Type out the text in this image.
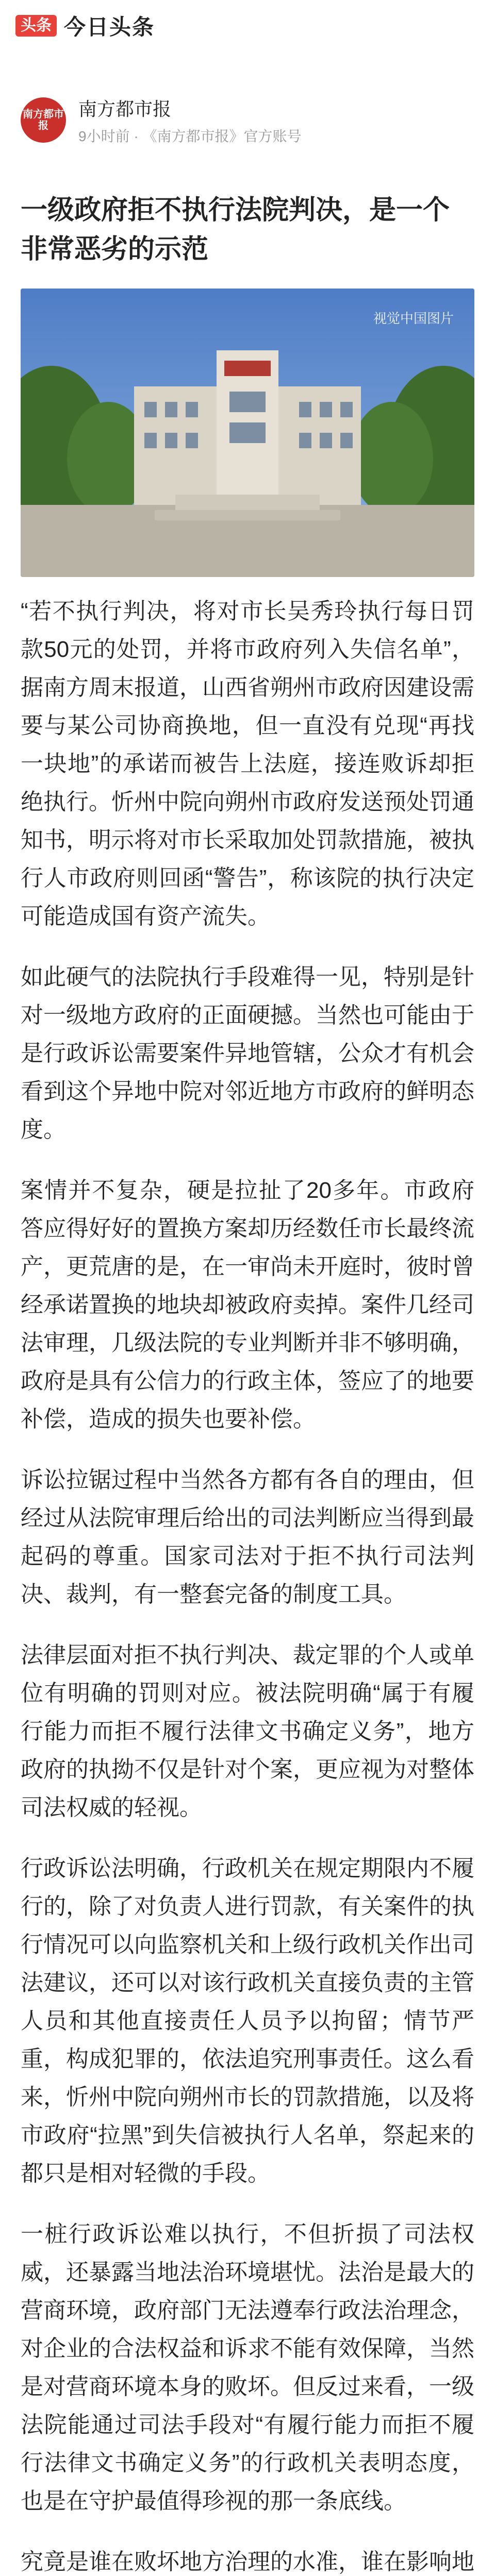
头条 今日头条
南方都市报
南方都市报
9小时前 · 《南方都市报》官方账号
一级政府拒不执行法院判决，是一个非常恶劣的示范
视觉中国图片

“若不执行判决，将对市长吴秀玲执行每日罚款50元的处罚，并将市政府列入失信名单”，据南方周末报道，山西省朔州市政府因建设需要与某公司协商换地，但一直没有兑现“再找一块地”的承诺而被告上法庭，接连败诉却拒绝执行。忻州中院向朔州市政府发送预处罚通知书，明示将对市长采取加处罚款措施，被执行人市政府则回函“警告”，称该院的执行决定可能造成国有资产流失。

如此硬气的法院执行手段难得一见，特别是针对一级地方政府的正面硬撼。当然也可能由于是行政诉讼需要案件异地管辖，公众才有机会看到这个异地中院对邻近地方市政府的鲜明态度。

案情并不复杂，硬是拉扯了20多年。市政府答应得好好的置换方案却历经数任市长最终流产，更荒唐的是，在一审尚未开庭时，彼时曾经承诺置换的地块却被政府卖掉。案件几经司法审理，几级法院的专业判断并非不够明确，政府是具有公信力的行政主体，签应了的地要补偿，造成的损失也要补偿。

诉讼拉锯过程中当然各方都有各自的理由，但经过从法院审理后给出的司法判断应当得到最起码的尊重。国家司法对于拒不执行司法判决、裁判，有一整套完备的制度工具。

法律层面对拒不执行判决、裁定罪的个人或单位有明确的罚则对应。被法院明确“属于有履行能力而拒不履行法律文书确定义务”，地方政府的执拗不仅是针对个案，更应视为对整体司法权威的轻视。

行政诉讼法明确，行政机关在规定期限内不履行的，除了对负责人进行罚款，有关案件的执行情况可以向监察机关和上级行政机关作出司法建议，还可以对该行政机关直接负责的主管人员和其他直接责任人员予以拘留；情节严重，构成犯罪的，依法追究刑事责任。这么看来，忻州中院向朔州市长的罚款措施，以及将市政府“拉黑”到失信被执行人名单，祭起来的都只是相对轻微的手段。

一桩行政诉讼难以执行，不但折损了司法权威，还暴露当地法治环境堪忧。法治是最大的营商环境，政府部门无法遵奉行政法治理念，对企业的合法权益和诉求不能有效保障，当然是对营商环境本身的败坏。但反过来看，一级法院能通过司法手段对“有履行能力而拒不履行法律文书确定义务”的行政机关表明态度，也是在守护最值得珍视的那一条底线。

究竟是谁在败坏地方治理的水准，谁在影响地
